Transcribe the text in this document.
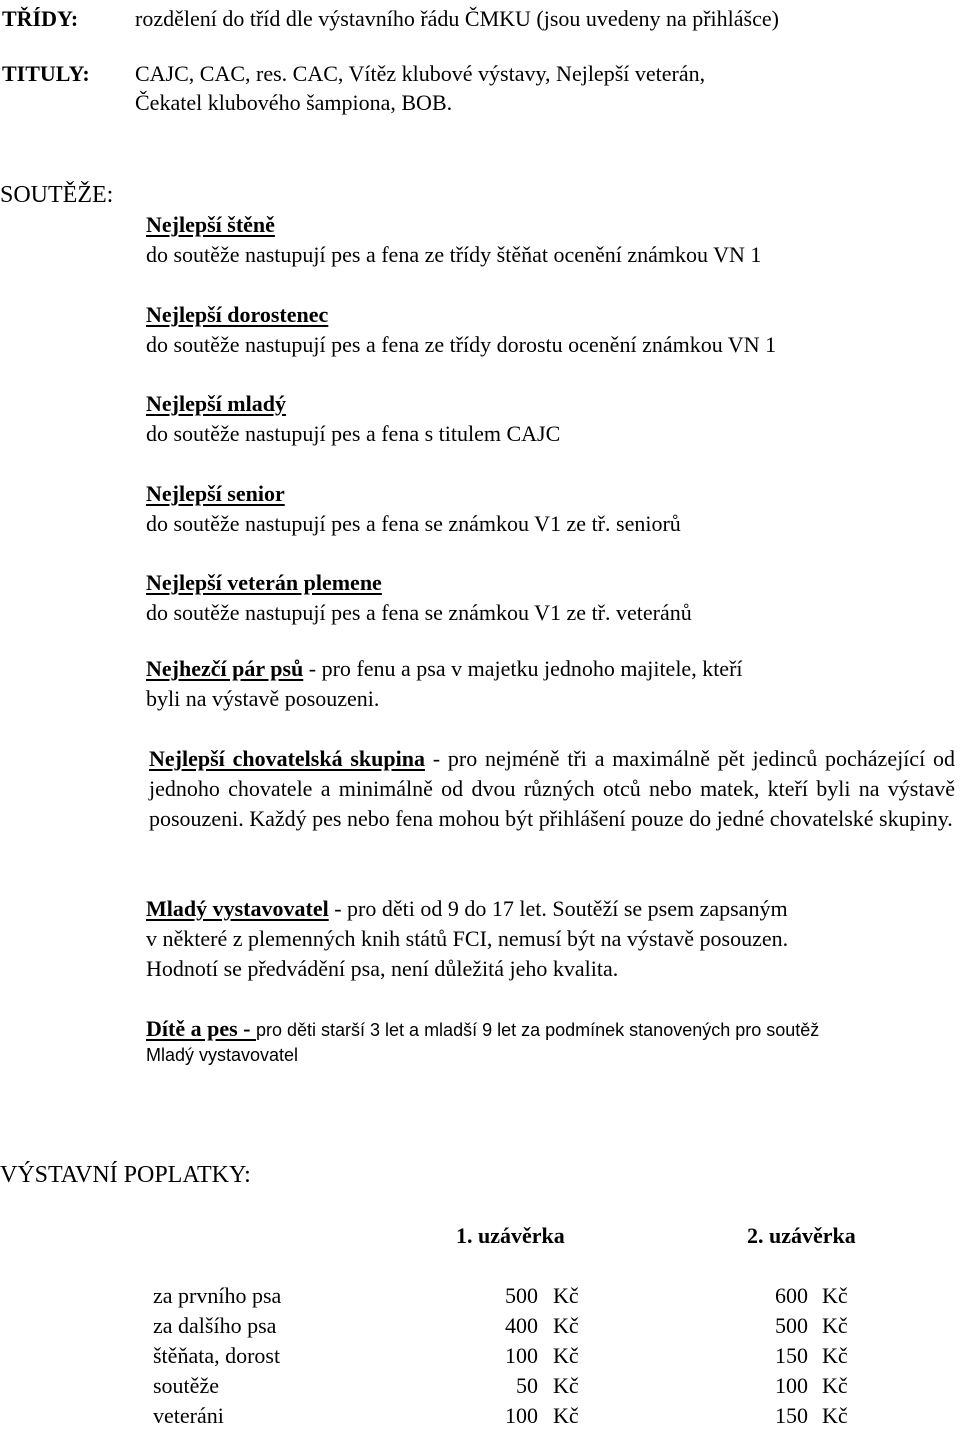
TŘÍDY:	rozdělení do tříd dle výstavního řádu ČMKU (jsou uvedeny na přihlášce)
TITULY: CAJC, CAC, res. CAC, Vítěz klubové výstavy, Nejlepší veterán,
Čekatel klubového šampiona, BOB.
SOUTĚŽE:
Nejlepší štěně
do soutěže nastupují pes a fena ze třídy štěňat ocenění známkou VN 1
Nejlepší dorostenec
do soutěže nastupují pes a fena ze třídy dorostu ocenění známkou VN 1
Nejlepší mladý
do soutěže nastupují pes a fena s titulem CAJC
Nejlepší senior
do soutěže nastupují pes a fena se známkou V1 ze tř. seniorů
Nejlepší veterán plemene
do soutěže nastupují pes a fena se známkou V1 ze tř. veteránů
Nejhezčí pár psů - pro fenu a psa v majetku jednoho majitele, kteří
byli na výstavě posouzeni.
Nejlepší chovatelská skupina - pro nejméně tři a maximálně pět jedinců pocházející od jednoho chovatele a minimálně od dvou různých otců nebo matek, kteří byli na výstavě posouzeni. Každý pes nebo fena mohou být přihlášení pouze do jedné chovatelské skupiny.
Mladý vystavovatel - pro děti od 9 do 17 let. Soutěží se psem zapsaným
v některé z plemenných knih států FCI, nemusí být na výstavě posouzen.
Hodnotí se předvádění psa, není důležitá jeho kvalita.
Dítě a pes - pro děti starší 3 let a mladší 9 let za podmínek stanovených pro soutěž
Mladý vystavovatel
VÝSTAVNÍ POPLATKY:
1. uzávěrka	2. uzávěrka
za prvního psa	500 Kč	600 Kč
za dalšího psa	400 Kč	500 Kč
štěňata, dorost	100 Kč	150 Kč
soutěže	50 Kč	100 Kč
veteráni	100 Kč	150 Kč
